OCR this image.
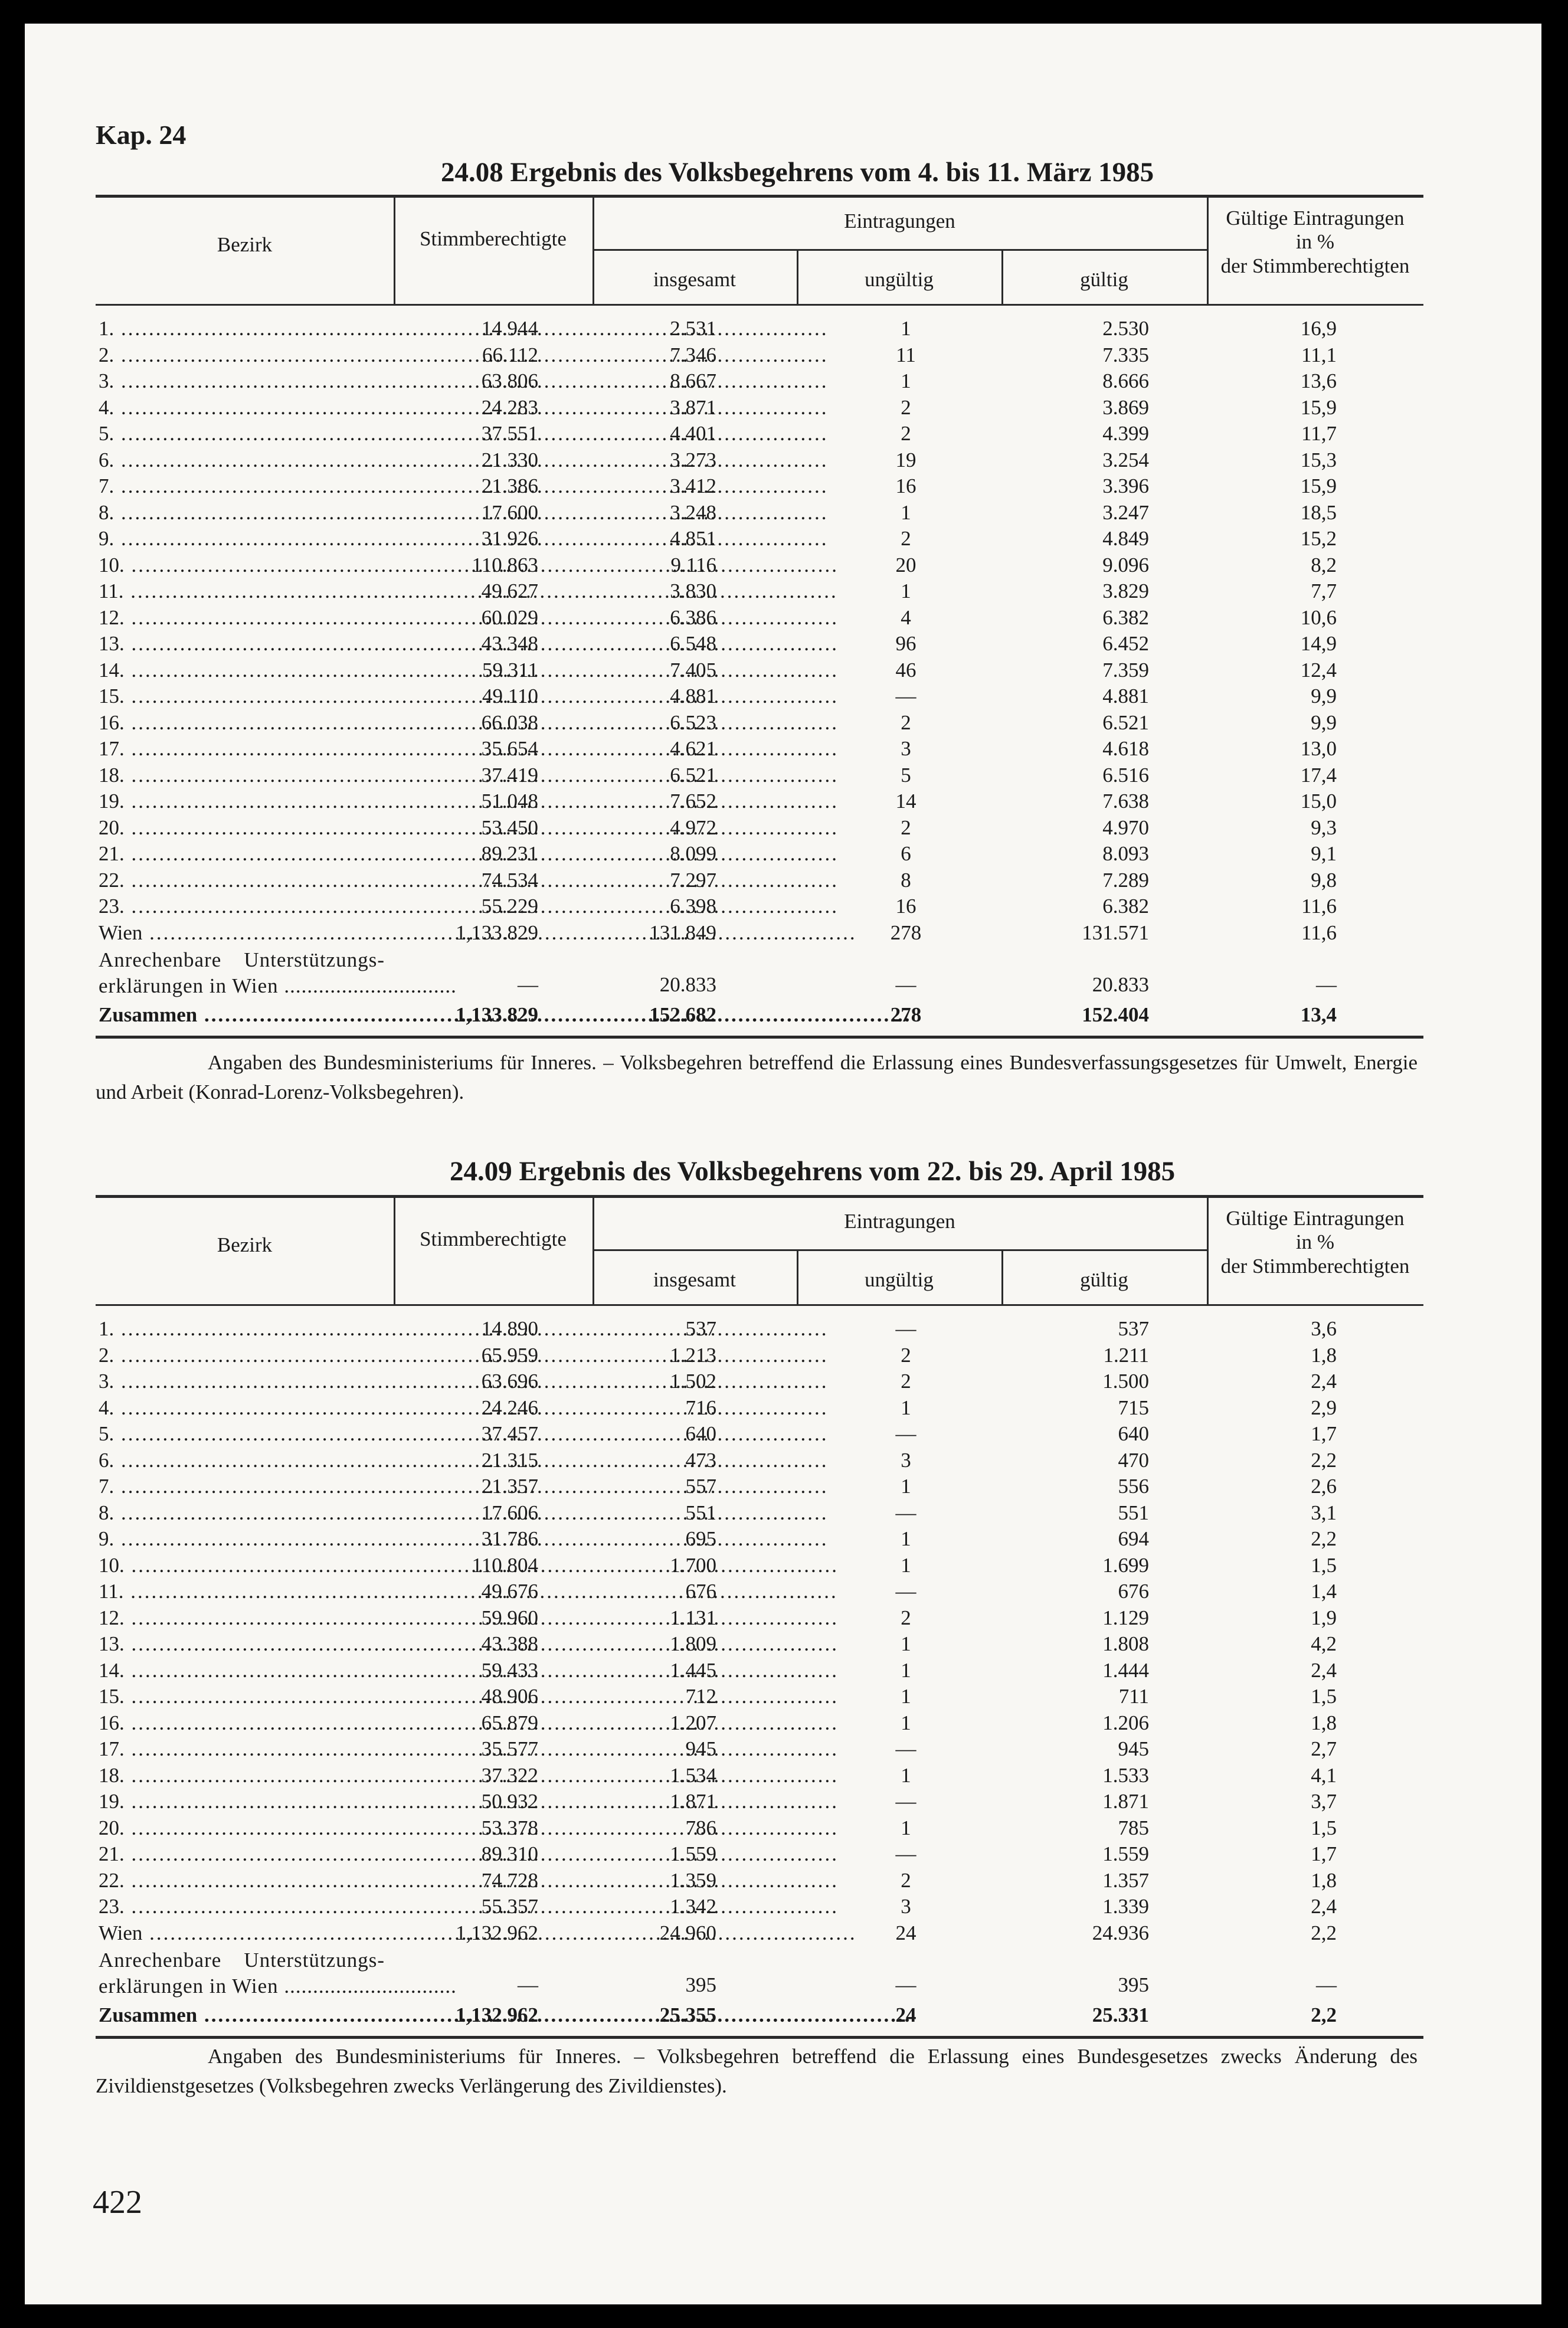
Kap. 24
24.08 Ergebnis des Volksbegehrens vom 4. bis 11. März 1985
Bezirk	Stimmberechtigte
Eintragungen
insgesamt	ungültig	gültig
Gültige Eintragungen
in %
der Stimmberechtigten
1. .....	14.944	2.531	1	2.530	16,9
2. .....	66.112	7.346	11	7.335	11,1
3. .....	63.806	8.667	1	8.666	13,6
4. .....	24.283	3.871	2	3.869	15,9
5. .....	37.551	4.401	2	4.399	11,7
6. .....	21.330	3.273	19	3.254	15,3
7. .....	21.386	3.412	16	3.396	15,9
8. .....	17.600	3.248	1	3.247	18,5
9. .....	31.926	4.851	2	4.849	15,2
10. .....	110.863	9.116	20	9.096	8,2
11. .....	49.627	3.830	1	3.829	7,7
12. .....	60.029	6.386	4	6.382	10,6
13. .....	43.348	6.548	96	6.452	14,9
14. .....	59.311	7.405	46	7.359	12,4
15. .....	49.110	4.881	—	4.881	9,9
16. .....	66.038	6.523	2	6.521	9,9
17. .....	35.654	4.621	3	4.618	13,0
18. .....	37.419	6.521	5	6.516	17,4
19. .....	51.048	7.652	14	7.638	15,0
20. .....	53.450	4.972	2	4.970	9,3
21. .....	89.231	8.099	6	8.093	9,1
22. .....	74.534	7.297	8	7.289	9,8
23. .....	55.229	6.398	16	6.382	11,6
Wien .....	1,133.829	131.849	278	131.571	11,6
Anrechenbare Unterstützungs-
erklärungen in Wien ..............................	—	20.833	—	20.833	—
Zusammen .....	1,133.829	152.682	278	152.404	13,4
Angaben des Bundesministeriums für Inneres. – Volksbegehren betreffend die Erlassung eines Bundesverfassungsgesetzes für Umwelt, Energie und Arbeit (Konrad-Lorenz-Volksbegehren).
24.09 Ergebnis des Volksbegehrens vom 22. bis 29. April 1985
Bezirk	Stimmberechtigte
Eintragungen
insgesamt	ungültig	gültig
Gültige Eintragungen
in %
der Stimmberechtigten
1. .....	14.890	537	—	537	3,6
2. .....	65.959	1.213	2	1.211	1,8
3. .....	63.696	1.502	2	1.500	2,4
4. .....	24.246	716	1	715	2,9
5. .....	37.457	640	—	640	1,7
6. .....	21.315	473	3	470	2,2
7. .....	21.357	557	1	556	2,6
8. .....	17.606	551	—	551	3,1
9. .....	31.786	695	1	694	2,2
10. .....	110.804	1.700	1	1.699	1,5
11. .....	49.676	676	—	676	1,4
12. .....	59.960	1.131	2	1.129	1,9
13. .....	43.388	1.809	1	1.808	4,2
14. .....	59.433	1.445	1	1.444	2,4
15. .....	48.906	712	1	711	1,5
16. .....	65.879	1.207	1	1.206	1,8
17. .....	35.577	945	—	945	2,7
18. .....	37.322	1.534	1	1.533	4,1
19. .....	50.932	1.871	—	1.871	3,7
20. .....	53.378	786	1	785	1,5
21. .....	89.310	1.559	—	1.559	1,7
22. .....	74.728	1.359	2	1.357	1,8
23. .....	55.357	1.342	3	1.339	2,4
Wien .....	1,132.962	24.960	24	24.936	2,2
Anrechenbare Unterstützungs-
erklärungen in Wien ..............................	—	395	—	395	—
Zusammen .....	1,132.962	25.355	24	25.331	2,2
Angaben des Bundesministeriums für Inneres. – Volksbegehren betreffend die Erlassung eines Bundesgesetzes zwecks Änderung des Zivildienstgesetzes (Volksbegehren zwecks Verlängerung des Zivildienstes).
422
